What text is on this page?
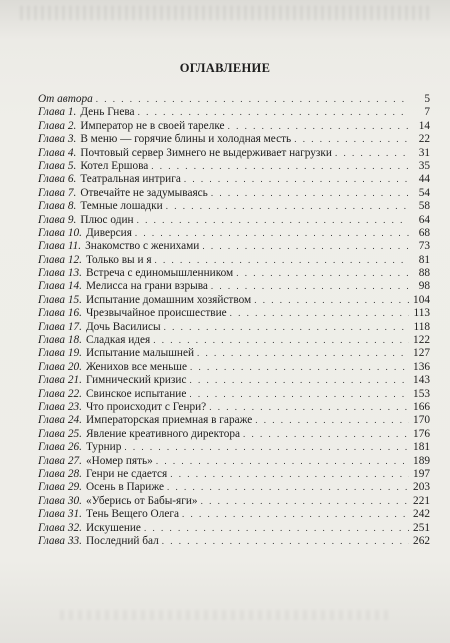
ОГЛАВЛЕНИЕ
От автора . . .	5
Глава 1. День Гнева . . .	7
Глава 2. Император не в своей тарелке . . .	14
Глава 3. В меню — горячие блины и холодная месть . . .	22
Глава 4. Почтовый сервер Зимнего не выдерживает нагрузки . . .	31
Глава 5. Котел Ершова . . .	35
Глава 6. Театральная интрига . . .	44
Глава 7. Отвечайте не задумываясь . . .	54
Глава 8. Темные лошадки . . .	58
Глава 9. Плюс один . . .	64
Глава 10. Диверсия . . .	68
Глава 11. Знакомство с женихами . . .	73
Глава 12. Только вы и я . . .	81
Глава 13. Встреча с единомышленником . . .	88
Глава 14. Мелисса на грани взрыва . . .	98
Глава 15. Испытание домашним хозяйством . . .	104
Глава 16. Чрезвычайное происшествие . . .	113
Глава 17. Дочь Василисы . . .	118
Глава 18. Сладкая идея . . .	122
Глава 19. Испытание малышней . . .	127
Глава 20. Женихов все меньше . . .	136
Глава 21. Гимнический кризис . . .	143
Глава 22. Свинское испытание . . .	153
Глава 23. Что происходит с Генри? . . .	166
Глава 24. Императорская приемная в гараже . . .	170
Глава 25. Явление креативного директора . . .	176
Глава 26. Турнир . . .	181
Глава 27. «Номер пять» . . .	189
Глава 28. Генри не сдается . . .	197
Глава 29. Осень в Париже . . .	203
Глава 30. «Уберись от Бабы-яги» . . .	221
Глава 31. Тень Вещего Олега . . .	242
Глава 32. Искушение . . .	251
Глава 33. Последний бал . . .	262
